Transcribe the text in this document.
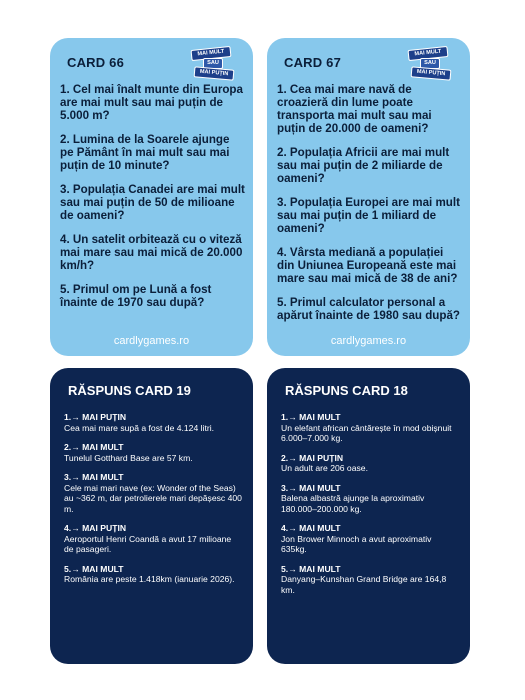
CARD 66
MAI MULT
SAU
MAI PUȚIN
1. Cel mai înalt munte din Europa are mai mult sau mai puțin de 5.000 m?
2. Lumina de la Soarele ajunge pe Pământ în mai mult sau mai puțin de 10 minute?
3. Populația Canadei are mai mult sau mai puțin de 50 de milioane de oameni?
4. Un satelit orbitează cu o viteză mai mare sau mai mică de 20.000 km/h?
5. Primul om pe Lună a fost înainte de 1970 sau după?
cardlygames.ro
CARD 67
MAI MULT
SAU
MAI PUȚIN
1. Cea mai mare navă de croazieră din lume poate transporta mai mult sau mai puțin de 20.000 de oameni?
2. Populația Africii are mai mult sau mai puțin de 2 miliarde de oameni?
3. Populația Europei are mai mult sau mai puțin de 1 miliard de oameni?
4. Vârsta mediană a populației din Uniunea Europeană este mai mare sau mai mică de 38 de ani?
5. Primul calculator personal a apărut înainte de 1980 sau după?
cardlygames.ro
RĂSPUNS CARD 19
1.→ MAI PUȚIN
Cea mai mare supă a fost de 4.124 litri.
2.→ MAI MULT
Tunelul Gotthard Base are 57 km.
3.→ MAI MULT
Cele mai mari nave (ex: Wonder of the Seas) au ~362 m, dar petrolierele mari depășesc 400 m.
4.→ MAI PUȚIN
Aeroportul Henri Coandă a avut 17 milioane de pasageri.
5.→ MAI MULT
România are peste 1.418km (ianuarie 2026).
RĂSPUNS CARD 18
1.→ MAI MULT
Un elefant african cântărește în mod obișnuit 6.000–7.000 kg.
2.→ MAI PUȚIN
Un adult are 206 oase.
3.→ MAI MULT
Balena albastră ajunge la aproximativ 180.000–200.000 kg.
4.→ MAI MULT
Jon Brower Minnoch a avut aproximativ 635kg.
5.→ MAI MULT
Danyang–Kunshan Grand Bridge are 164,8 km.
